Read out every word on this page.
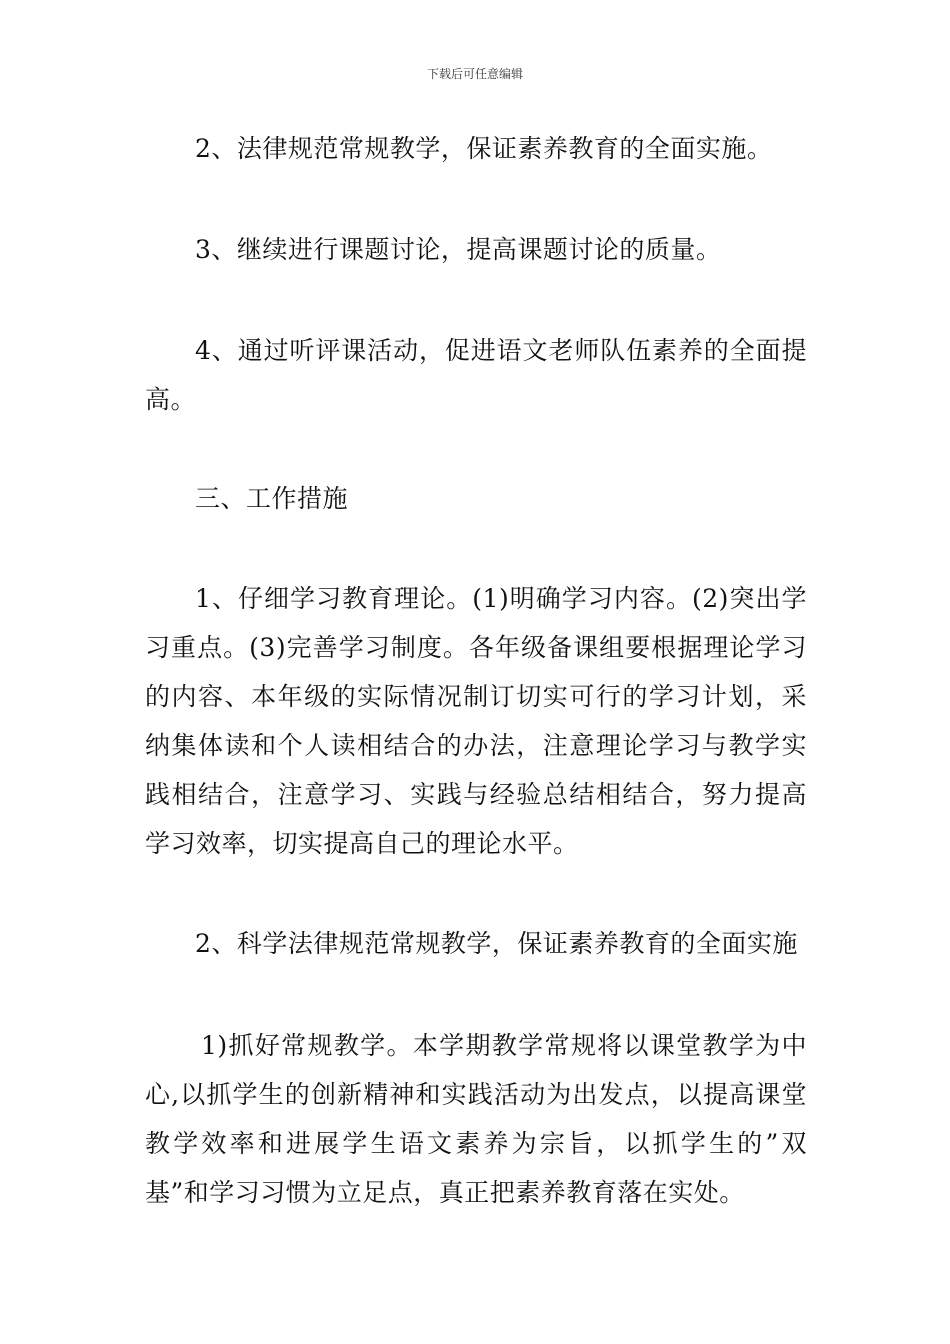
下载后可任意编辑

2、法律规范常规教学，保证素养教育的全面实施。

3、继续进行课题讨论，提高课题讨论的质量。

4、通过听评课活动，促进语文老师队伍素养的全面提高。

三、工作措施

1、仔细学习教育理论。(1)明确学习内容。(2)突出学习重点。(3)完善学习制度。各年级备课组要根据理论学习的内容、本年级的实际情况制订切实可行的学习计划，采纳集体读和个人读相结合的办法，注意理论学习与教学实践相结合，注意学习、实践与经验总结相结合，努力提高学习效率，切实提高自己的理论水平。

2、科学法律规范常规教学，保证素养教育的全面实施

1)抓好常规教学。本学期教学常规将以课堂教学为中心,以抓学生的创新精神和实践活动为出发点，以提高课堂教学效率和进展学生语文素养为宗旨，以抓学生的”双基”和学习习惯为立足点，真正把素养教育落在实处。
